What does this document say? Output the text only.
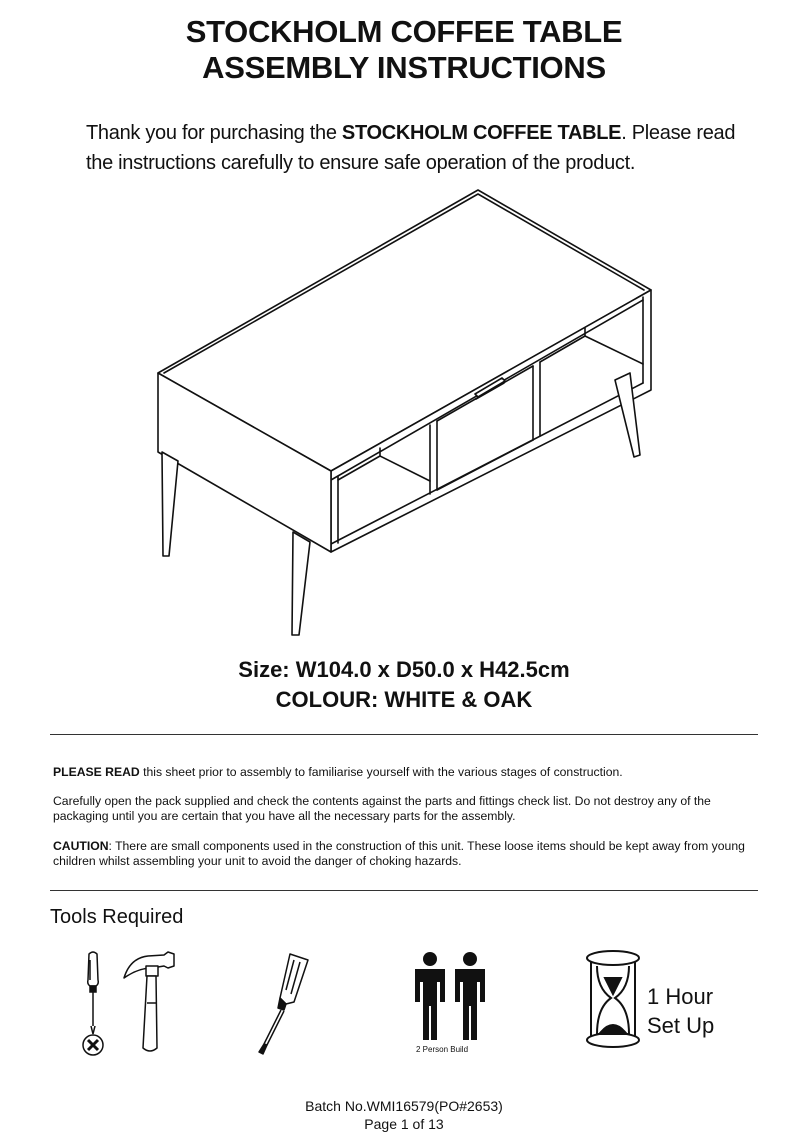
STOCKHOLM COFFEE TABLE
ASSEMBLY INSTRUCTIONS
Thank you for purchasing the STOCKHOLM COFFEE TABLE. Please read the instructions carefully to ensure safe operation of the product.
Size: W104.0 x D50.0 x H42.5cm
COLOUR: WHITE & OAK
PLEASE READ this sheet prior to assembly to familiarise yourself with the various stages of construction.
Carefully open the pack supplied and check the contents against the parts and fittings check list. Do not destroy any of the packaging until you are certain that you have all the necessary parts for the assembly.
CAUTION: There are small components used in the construction of this unit. These loose items should be kept away from young children whilst assembling your unit to avoid the danger of choking hazards.
Tools Required
2 Person Build
1 Hour
Set Up
Batch No.WMI16579(PO#2653)
Page 1 of 13
